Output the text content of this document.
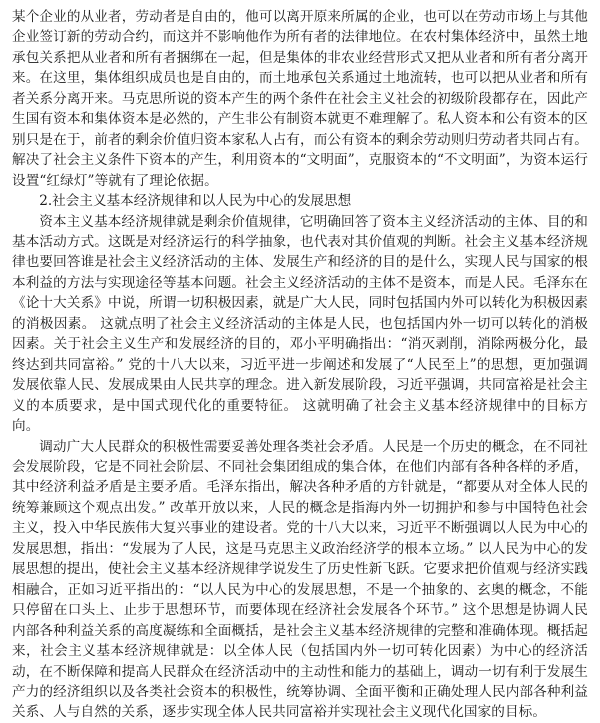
某个企业的从业者，劳动者是自由的，他可以离开原来所属的企业，也可以在劳动市场上与其他企业签订新的劳动合约，而这并不影响他作为所有者的法律地位。在农村集体经济中，虽然土地承包关系把从业者和所有者捆绑在一起，但是集体的非农业经营形式又把从业者和所有者分离开来。在这里，集体组织成员也是自由的，而土地承包关系通过土地流转，也可以把从业者和所有者关系分离开来。马克思所说的资本产生的两个条件在社会主义社会的初级阶段都存在，因此产生国有资本和集体资本是必然的，产生非公有制资本就更不难理解了。私人资本和公有资本的区别只是在于，前者的剩余价值归资本家私人占有，而公有资本的剩余劳动则归劳动者共同占有。解决了社会主义条件下资本的产生，利用资本的“文明面”，克服资本的“不文明面”，为资本运行设置“红绿灯”等就有了理论依据。

2.社会主义基本经济规律和以人民为中心的发展思想

资本主义基本经济规律就是剩余价值规律，它明确回答了资本主义经济活动的主体、目的和基本活动方式。这既是对经济运行的科学抽象，也代表对其价值观的判断。社会主义基本经济规律也要回答谁是社会主义经济活动的主体、发展生产和经济的目的是什么，实现人民与国家的根本利益的方法与实现途径等基本问题。社会主义经济活动的主体不是资本，而是人民。毛泽东在《论十大关系》中说，所谓一切积极因素，就是广大人民，同时包括国内外可以转化为积极因素的消极因素。 这就点明了社会主义经济活动的主体是人民，也包括国内外一切可以转化的消极因素。关于社会主义生产和发展经济的目的，邓小平明确指出：“消灭剥削，消除两极分化，最终达到共同富裕。” 党的十八大以来，习近平进一步阐述和发展了“人民至上”的思想，更加强调发展依靠人民、发展成果由人民共享的理念。进入新发展阶段，习近平强调，共同富裕是社会主义的本质要求，是中国式现代化的重要特征。 这就明确了社会主义基本经济规律中的目标方向。

调动广大人民群众的积极性需要妥善处理各类社会矛盾。人民是一个历史的概念，在不同社会发展阶段，它是不同社会阶层、不同社会集团组成的集合体，在他们内部有各种各样的矛盾，其中经济利益矛盾是主要矛盾。毛泽东指出，解决各种矛盾的方针就是，“都要从对全体人民的统筹兼顾这个观点出发。” 改革开放以来，人民的概念是指海内外一切拥护和参与中国特色社会主义，投入中华民族伟大复兴事业的建设者。党的十八大以来，习近平不断强调以人民为中心的发展思想，指出：“发展为了人民，这是马克思主义政治经济学的根本立场。” 以人民为中心的发展思想的提出，使社会主义基本经济规律学说发生了历史性新飞跃。它要求把价值观与经济实践相融合，正如习近平指出的：“以人民为中心的发展思想，不是一个抽象的、玄奥的概念，不能只停留在口头上、止步于思想环节，而要体现在经济社会发展各个环节。” 这个思想是协调人民内部各种利益关系的高度凝练和全面概括，是社会主义基本经济规律的完整和准确体现。概括起来，社会主义基本经济规律就是：以全体人民（包括国内外一切可转化因素）为中心的经济活动，在不断保障和提高人民群众在经济活动中的主动性和能力的基础上，调动一切有利于发展生产力的经济组织以及各类社会资本的积极性，统筹协调、全面平衡和正确处理人民内部各种利益关系、人与自然的关系，逐步实现全体人民共同富裕并实现社会主义现代化国家的目标。
